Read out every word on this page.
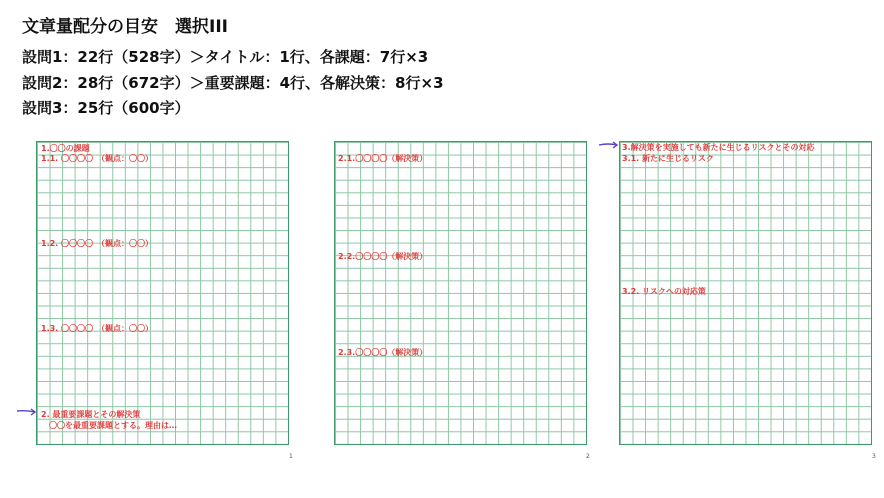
文章量配分の目安　選択III
設問1：22行（528字）＞タイトル：1行、各課題：7行×3
設問2：28行（672字）＞重要課題：4行、各解決策：8行×3
設問3：25行（600字）
1.〇〇の課題
1.1. 〇〇〇〇　（観点：〇〇）
1.2. 〇〇〇〇　（観点：〇〇）
1.3. 〇〇〇〇　（観点：〇〇）
2. 最重要課題とその解決策
　〇〇を最重要課題とする。理由は…
1
2.1.〇〇〇〇（解決策）
2.2.〇〇〇〇（解決策）
2.3.〇〇〇〇（解決策）
2
3.解決策を実施しても新たに生じるリスクとその対応
3.1. 新たに生じるリスク
3.2. リスクへの対応策
3
